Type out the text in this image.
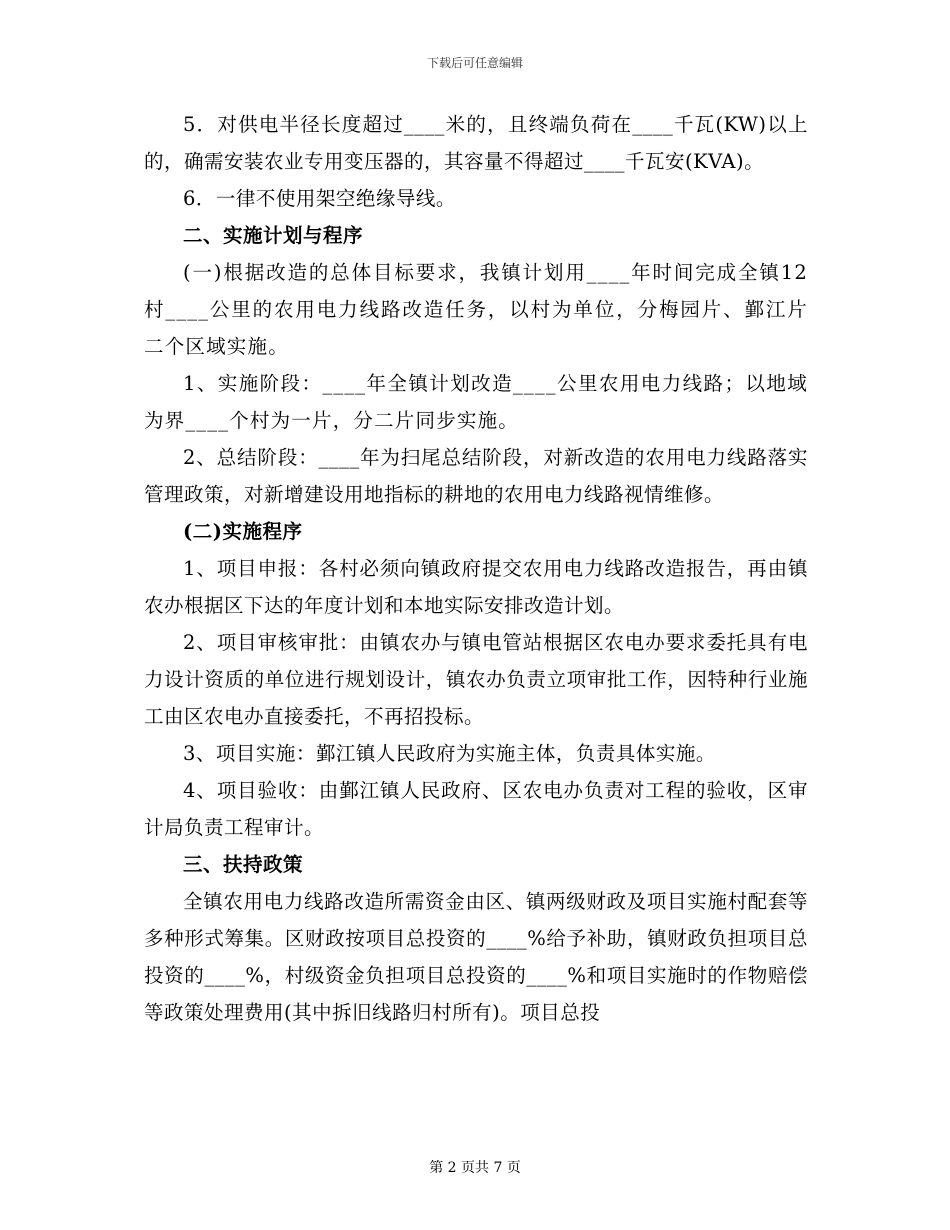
下载后可任意编辑

5．对供电半径长度超过____米的，且终端负荷在____千瓦(KW)以上的，确需安装农业专用变压器的，其容量不得超过____千瓦安(KVA)。

6．一律不使用架空绝缘导线。

二、实施计划与程序

(一)根据改造的总体目标要求，我镇计划用____年时间完成全镇12村____公里的农用电力线路改造任务，以村为单位，分梅园片、鄞江片二个区域实施。

1、实施阶段：____年全镇计划改造____公里农用电力线路；以地域为界____个村为一片，分二片同步实施。

2、总结阶段：____年为扫尾总结阶段，对新改造的农用电力线路落实管理政策，对新增建设用地指标的耕地的农用电力线路视情维修。

(二)实施程序

1、项目申报：各村必须向镇政府提交农用电力线路改造报告，再由镇农办根据区下达的年度计划和本地实际安排改造计划。

2、项目审核审批：由镇农办与镇电管站根据区农电办要求委托具有电力设计资质的单位进行规划设计，镇农办负责立项审批工作，因特种行业施工由区农电办直接委托，不再招投标。

3、项目实施：鄞江镇人民政府为实施主体，负责具体实施。

4、项目验收：由鄞江镇人民政府、区农电办负责对工程的验收，区审计局负责工程审计。

三、扶持政策

全镇农用电力线路改造所需资金由区、镇两级财政及项目实施村配套等多种形式筹集。区财政按项目总投资的____%给予补助，镇财政负担项目总投资的____%，村级资金负担项目总投资的____%和项目实施时的作物赔偿等政策处理费用(其中拆旧线路归村所有)。项目总投

第 2 页共 7 页
